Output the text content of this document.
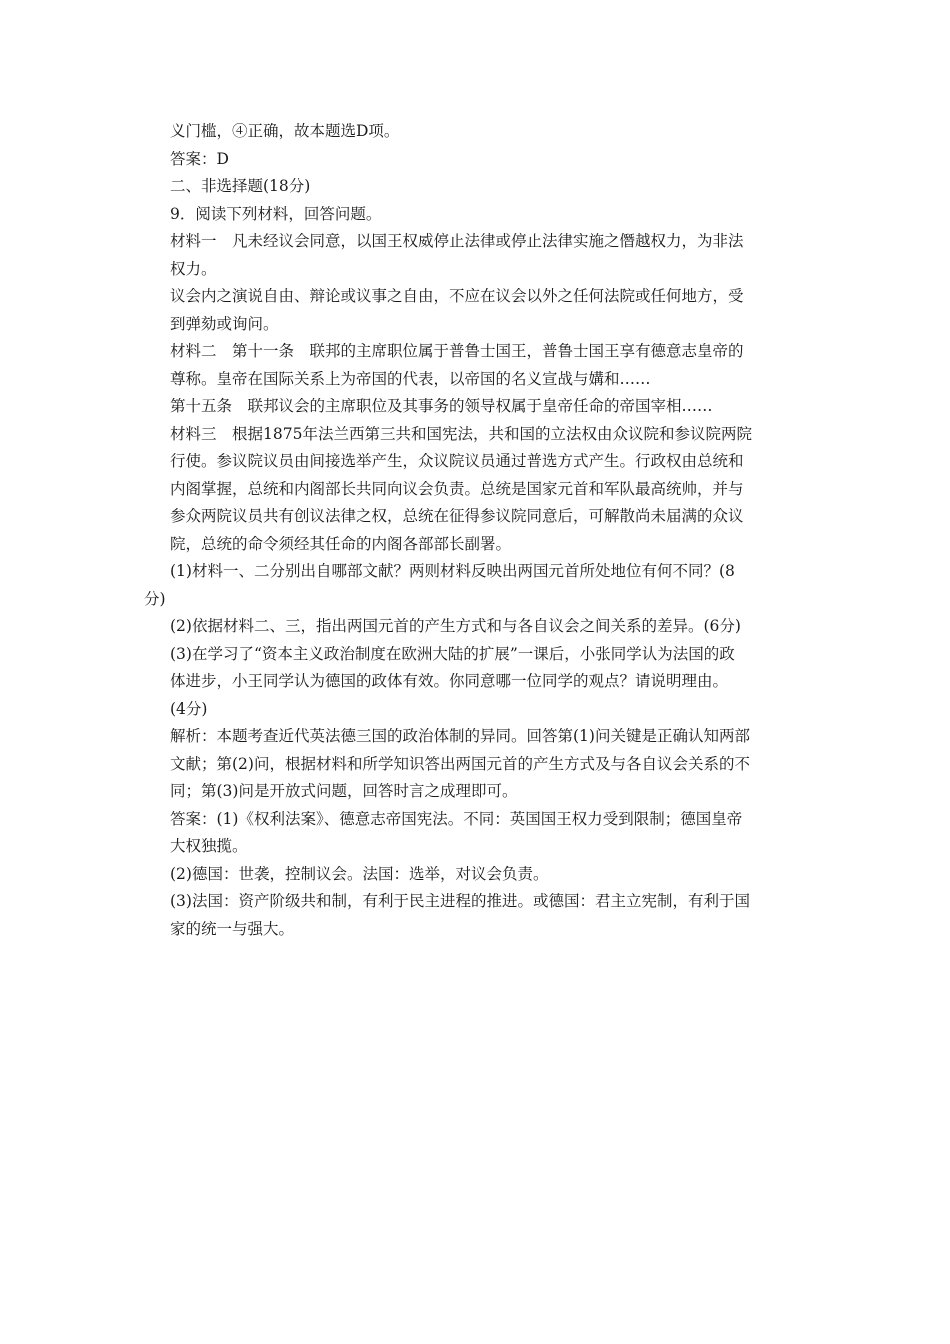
义门槛，④正确，故本题选D项。
答案：D
二、非选择题(18分)
9．阅读下列材料，回答问题。
材料一　凡未经议会同意，以国王权威停止法律或停止法律实施之僭越权力，为非法
权力。
议会内之演说自由、辩论或议事之自由，不应在议会以外之任何法院或任何地方，受
到弹劾或询问。
材料二　第十一条　联邦的主席职位属于普鲁士国王，普鲁士国王享有德意志皇帝的
尊称。皇帝在国际关系上为帝国的代表，以帝国的名义宣战与媾和……
第十五条　联邦议会的主席职位及其事务的领导权属于皇帝任命的帝国宰相……
材料三　根据1875年法兰西第三共和国宪法，共和国的立法权由众议院和参议院两院
行使。参议院议员由间接选举产生，众议院议员通过普选方式产生。行政权由总统和
内阁掌握，总统和内阁部长共同向议会负责。总统是国家元首和军队最高统帅，并与
参众两院议员共有创议法律之权，总统在征得参议院同意后，可解散尚未届满的众议
院，总统的命令须经其任命的内阁各部部长副署。
(1)材料一、二分别出自哪部文献？两则材料反映出两国元首所处地位有何不同？(8
分)
(2)依据材料二、三，指出两国元首的产生方式和与各自议会之间关系的差异。(6分)
(3)在学习了“资本主义政治制度在欧洲大陆的扩展”一课后，小张同学认为法国的政
体进步，小王同学认为德国的政体有效。你同意哪一位同学的观点？请说明理由。
(4分)
解析：本题考查近代英法德三国的政治体制的异同。回答第(1)问关键是正确认知两部
文献；第(2)问，根据材料和所学知识答出两国元首的产生方式及与各自议会关系的不
同；第(3)问是开放式问题，回答时言之成理即可。
答案：(1)《权利法案》、德意志帝国宪法。不同：英国国王权力受到限制；德国皇帝
大权独揽。
(2)德国：世袭，控制议会。法国：选举，对议会负责。
(3)法国：资产阶级共和制，有利于民主进程的推进。或德国：君主立宪制，有利于国
家的统一与强大。
